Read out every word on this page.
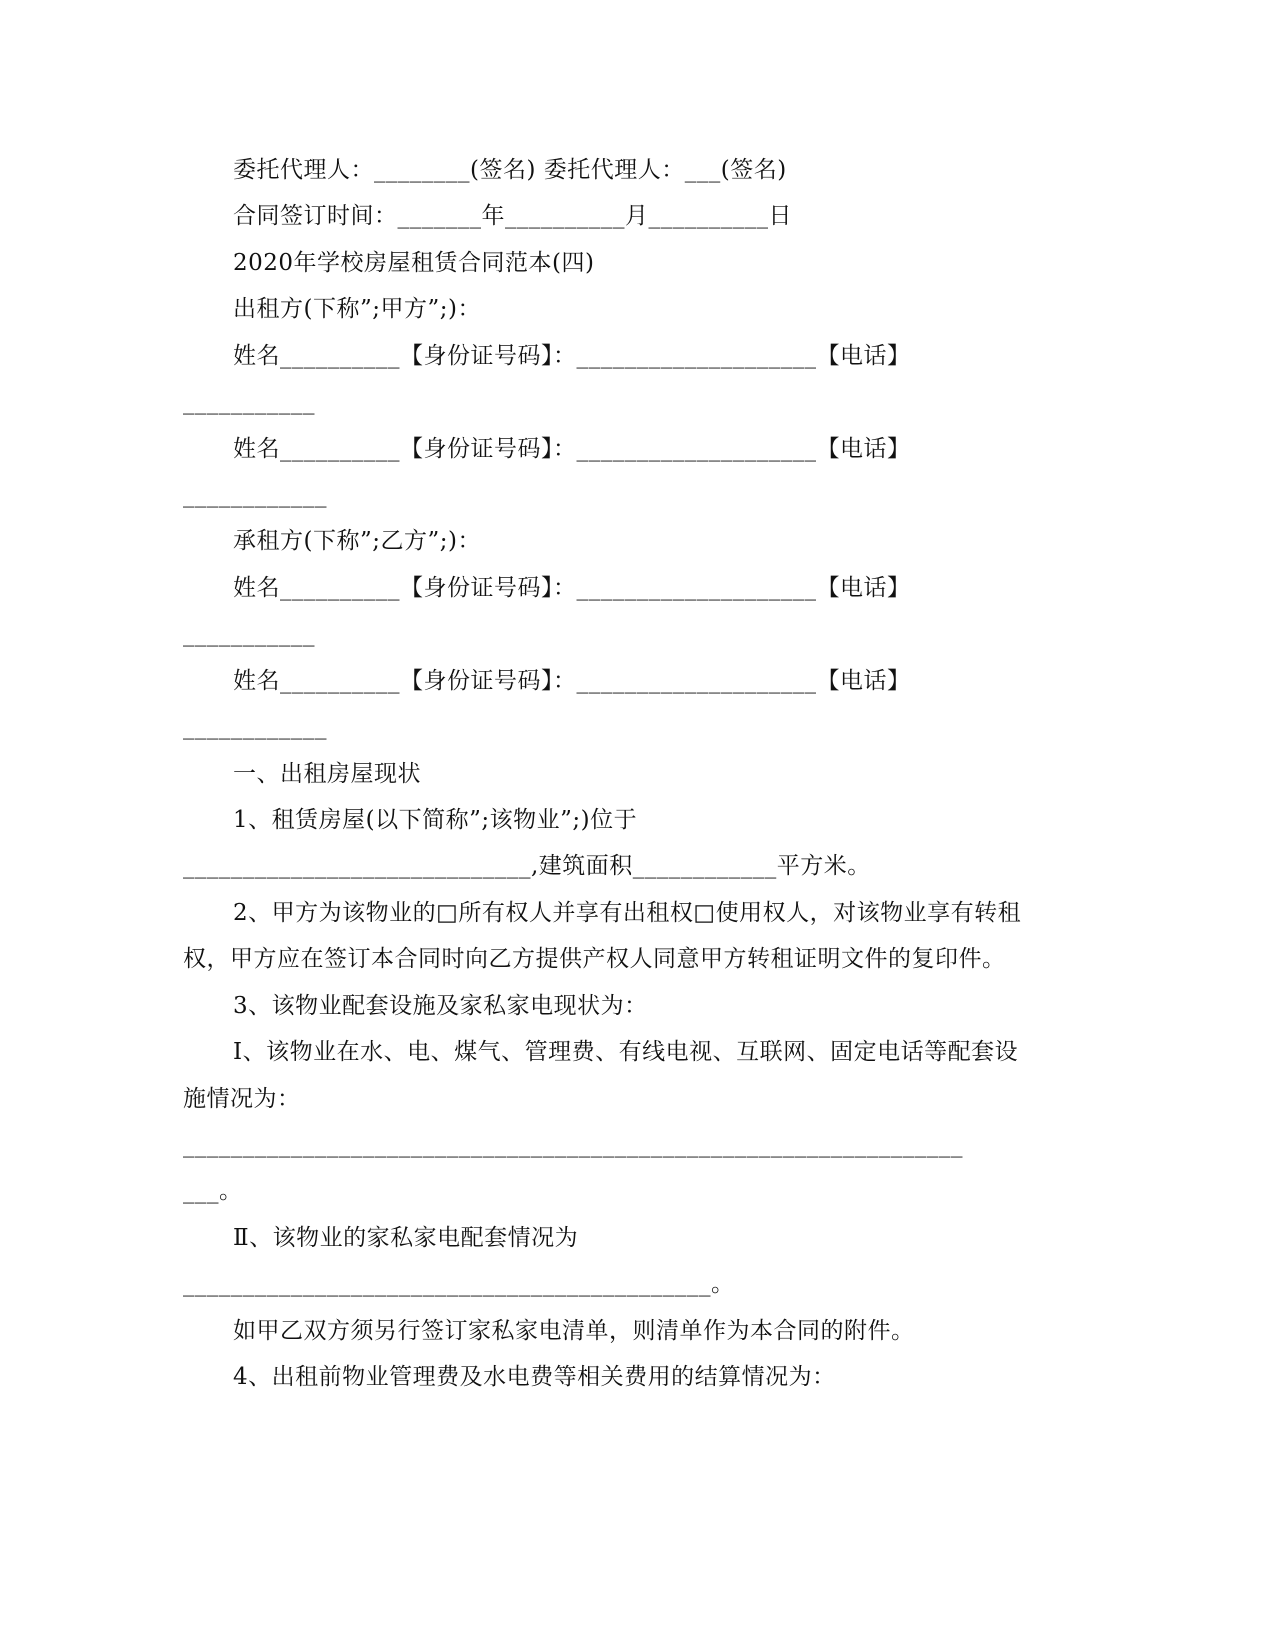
委托代理人：________(签名) 委托代理人：___(签名)
合同签订时间：_______年__________月__________日
2020年学校房屋租赁合同范本(四)
出租方(下称”;甲方”;)：
姓名__________【身份证号码】：____________________【电话】
___________
姓名__________【身份证号码】：____________________【电话】
____________
承租方(下称”;乙方”;)：
姓名__________【身份证号码】：____________________【电话】
___________
姓名__________【身份证号码】：____________________【电话】
____________
一、出租房屋现状
1、租赁房屋(以下简称”;该物业”;)位于
_____________________________,建筑面积____________平方米。
2、甲方为该物业的□所有权人并享有出租权□使用权人，对该物业享有转租
权，甲方应在签订本合同时向乙方提供产权人同意甲方转租证明文件的复印件。
3、该物业配套设施及家私家电现状为：
Ⅰ、该物业在水、电、煤气、管理费、有线电视、互联网、固定电话等配套设
施情况为：
_________________________________________________________________
___。
Ⅱ、该物业的家私家电配套情况为
____________________________________________。
如甲乙双方须另行签订家私家电清单，则清单作为本合同的附件。
4、出租前物业管理费及水电费等相关费用的结算情况为：
